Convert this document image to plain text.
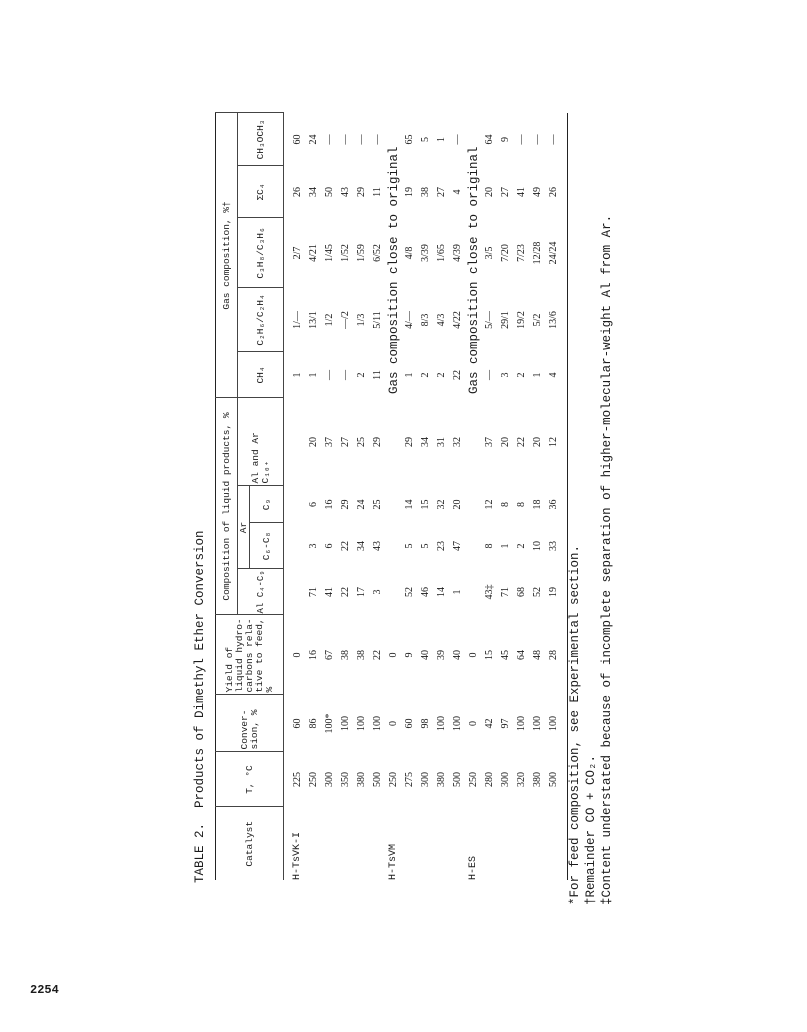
TABLE 2.  Products of Dimethyl Ether Conversion	Catalyst	T, °C	Conver- sion, %	Yield of liquid hydro- carbons rela- tive to feed, %	Composition of liquid products, %				Gas composition, %†				
				Al C₄-C₉	Ar		Al and Ar C₁₀₊	CH₄	C₂H₆/C₂H₄	C₃H₈/C₃H₆	ΣC₄	CH₃OCH₃
					C₆-C₈	C₉						

H-TsVK-I	225	60	0					1	1/—	2/7	26	60
	250	86	16	71	3	6	20	1	13/1	4/21	34	24
	300	100*	67	41	6	16	37	—	1/2	1/45	50	—
	350	100	38	22	22	29	27	—	—/2	1/52	43	—
	380	100	38	17	34	24	25	2	1/3	1/59	29	—
	500	100	22	3	43	25	29	11	5/11	6/52	11	—
H-TsVM	250	0	0					Gas composition close to original				
	275	60	9	52	5	14	29	1	4/—	4/8	19	65
	300	98	40	46	5	15	34	2	8/3	3/39	38	5
	380	100	39	14	23	32	31	2	4/3	1/65	27	1
	500	100	40	1	47	20	32	22	4/22	4/39	4	—
H-ES	250	0	0					Gas composition close to original				
	280	42	15	43‡	8	12	37	—	5/—	3/5	20	64
	300	97	45	71	1	8	20	3	29/1	7/20	27	9
	320	100	64	68	2	8	22	2	19/2	7/23	41	—
	380	100	48	52	10	18	20	1	5/2	12/28	49	—
	500	100	28	19	33	36	12	4	13/6	24/24	26	—

*For feed composition, see Experimental section. †Remainder CO + CO₂. ‡Content understated because of incomplete separation of higher-molecular-weight Al from Ar.
2254
